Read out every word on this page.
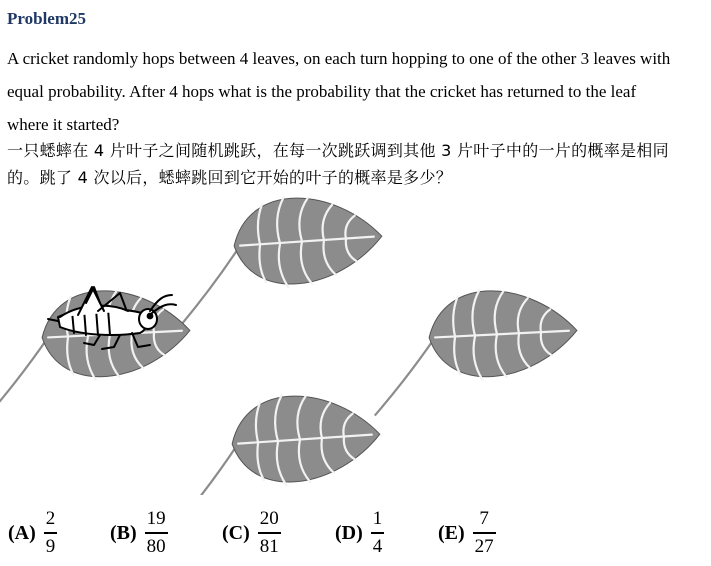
Problem25
A cricket randomly hops between 4 leaves, on each turn hopping to one of the other 3 leaves with
equal probability. After 4 hops what is the probability that the cricket has returned to the leaf
where it started?
一只蟋蟀在 4 片叶子之间随机跳跃，在每一次跳跃调到其他 3 片叶子中的一片的概率是相同
的。跳了 4 次以后，蟋蟀跳回到它开始的叶子的概率是多少？
$(A) \frac{2}{9}$	$(B) \frac{19}{80}$	$(C) \frac{20}{81}$	$(D) \frac{1}{4}$	$(E) \frac{7}{27}$
